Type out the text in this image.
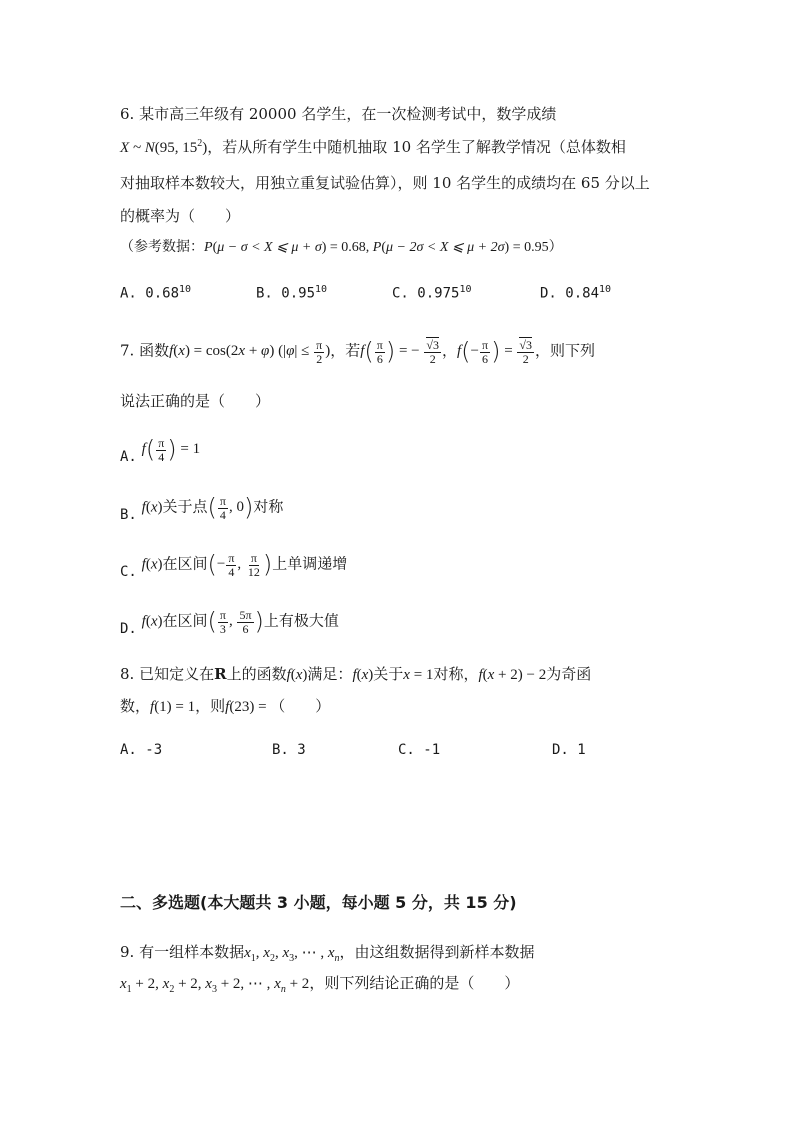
6. 某市高三年级有 20000 名学生，在一次检测考试中，数学成绩
X ~ N(95, $15^2$)，若从所有学生中随机抽取 10 名学生了解教学情况（总体数相
对抽取样本数较大，用独立重复试验估算），则 10 名学生的成绩均在 65 分以上
的概率为（　　）
（参考数据：P(μ − σ < X ⩽ μ + σ) = 0.68, P(μ − 2σ < X ⩽ μ + 2σ) = 0.95）
A. 0.68$^{10}$	B. 0.95$^{10}$	C. 0.975$^{10}$	D. 0.84$^{10}$
7. 函数f(x) = cos(2x + φ) ($|\varphi| \le \frac{\pi}{2}$ )，若$f( \frac{\pi}{6}$ ) = − $\frac{√3}{2}$ ，$f(- \frac{\pi}{6}$ ) = $\frac{√3}{2}$ ，则下列
说法正确的是（　　）
A. $f( \frac{\pi}{4}$ ) = 1
B. f(x)关于点( $\frac{\pi}{4}$ , 0)对称
C. f(x)在区间(− $\frac{\pi}{4}$ , $\frac{\pi}{12}$ )上单调递增
D. f(x)在区间( $\frac{\pi}{3}$ , $\frac{5\pi}{6}$ )上有极大值
8. 已知定义在R上的函数f(x)满足：f(x)关于x = 1对称，f(x + 2) − 2为奇函
数，f(1) = 1，则f(23) = （　　）
A. -3	B. 3	C. -1	D. 1
二、多选题(本大题共 3 小题，每小题 5 分，共 15 分)
9. 有一组样本数据$x_1$, $x_2$, $x_3$, ⋯ , $x_n$，由这组数据得到新样本数据
$x_1 + 2$, $x_2 + 2$, $x_3 + 2$, ⋯ , $x_n + 2$，则下列结论正确的是（　　）
